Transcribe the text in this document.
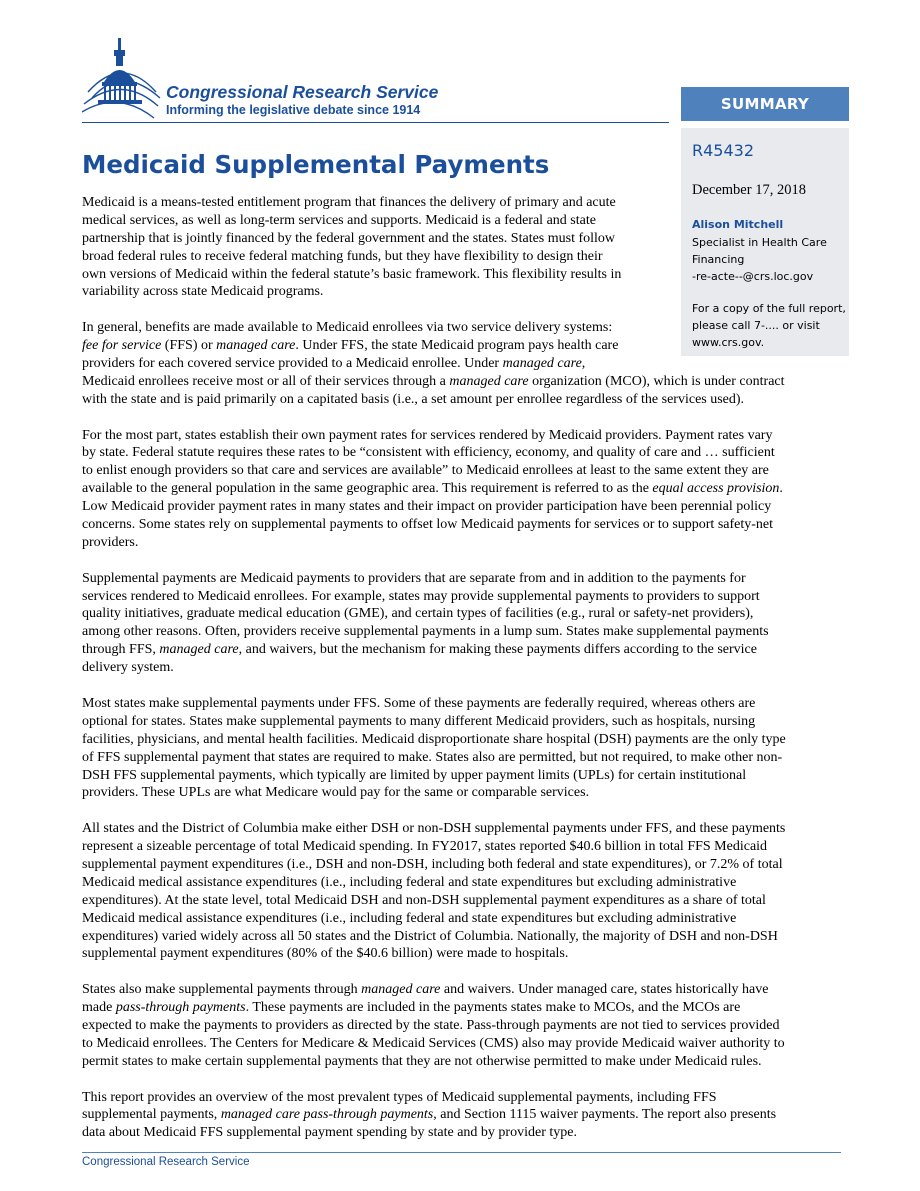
Congressional Research Service
Informing the legislative debate since 1914	SUMMARY
R45432
December 17, 2018
Alison Mitchell
Specialist in Health Care
Financing
-re-acte--@crs.loc.gov
For a copy of the full report,
please call 7-.... or visit
www.crs.gov.
Medicaid Supplemental Payments
Medicaid is a means-tested entitlement program that finances the delivery of primary and acute
medical services, as well as long-term services and supports. Medicaid is a federal and state
partnership that is jointly financed by the federal government and the states. States must follow
broad federal rules to receive federal matching funds, but they have flexibility to design their
own versions of Medicaid within the federal statute’s basic framework. This flexibility results in
variability across state Medicaid programs.
In general, benefits are made available to Medicaid enrollees via two service delivery systems:
fee for service (FFS) or managed care. Under FFS, the state Medicaid program pays health care
providers for each covered service provided to a Medicaid enrollee. Under managed care,
Medicaid enrollees receive most or all of their services through a managed care organization (MCO), which is under contract
with the state and is paid primarily on a capitated basis (i.e., a set amount per enrollee regardless of the services used).
For the most part, states establish their own payment rates for services rendered by Medicaid providers. Payment rates vary
by state. Federal statute requires these rates to be “consistent with efficiency, economy, and quality of care and … sufficient
to enlist enough providers so that care and services are available” to Medicaid enrollees at least to the same extent they are
available to the general population in the same geographic area. This requirement is referred to as the equal access provision.
Low Medicaid provider payment rates in many states and their impact on provider participation have been perennial policy
concerns. Some states rely on supplemental payments to offset low Medicaid payments for services or to support safety-net
providers.
Supplemental payments are Medicaid payments to providers that are separate from and in addition to the payments for
services rendered to Medicaid enrollees. For example, states may provide supplemental payments to providers to support
quality initiatives, graduate medical education (GME), and certain types of facilities (e.g., rural or safety-net providers),
among other reasons. Often, providers receive supplemental payments in a lump sum. States make supplemental payments
through FFS, managed care, and waivers, but the mechanism for making these payments differs according to the service
delivery system.
Most states make supplemental payments under FFS. Some of these payments are federally required, whereas others are
optional for states. States make supplemental payments to many different Medicaid providers, such as hospitals, nursing
facilities, physicians, and mental health facilities. Medicaid disproportionate share hospital (DSH) payments are the only type
of FFS supplemental payment that states are required to make. States also are permitted, but not required, to make other non-
DSH FFS supplemental payments, which typically are limited by upper payment limits (UPLs) for certain institutional
providers. These UPLs are what Medicare would pay for the same or comparable services.
All states and the District of Columbia make either DSH or non-DSH supplemental payments under FFS, and these payments
represent a sizeable percentage of total Medicaid spending. In FY2017, states reported $40.6 billion in total FFS Medicaid
supplemental payment expenditures (i.e., DSH and non-DSH, including both federal and state expenditures), or 7.2% of total
Medicaid medical assistance expenditures (i.e., including federal and state expenditures but excluding administrative
expenditures). At the state level, total Medicaid DSH and non-DSH supplemental payment expenditures as a share of total
Medicaid medical assistance expenditures (i.e., including federal and state expenditures but excluding administrative
expenditures) varied widely across all 50 states and the District of Columbia. Nationally, the majority of DSH and non-DSH
supplemental payment expenditures (80% of the $40.6 billion) were made to hospitals.
States also make supplemental payments through managed care and waivers. Under managed care, states historically have
made pass-through payments. These payments are included in the payments states make to MCOs, and the MCOs are
expected to make the payments to providers as directed by the state. Pass-through payments are not tied to services provided
to Medicaid enrollees. The Centers for Medicare & Medicaid Services (CMS) also may provide Medicaid waiver authority to
permit states to make certain supplemental payments that they are not otherwise permitted to make under Medicaid rules.
This report provides an overview of the most prevalent types of Medicaid supplemental payments, including FFS
supplemental payments, managed care pass-through payments, and Section 1115 waiver payments. The report also presents
data about Medicaid FFS supplemental payment spending by state and by provider type.
Congressional Research Service
